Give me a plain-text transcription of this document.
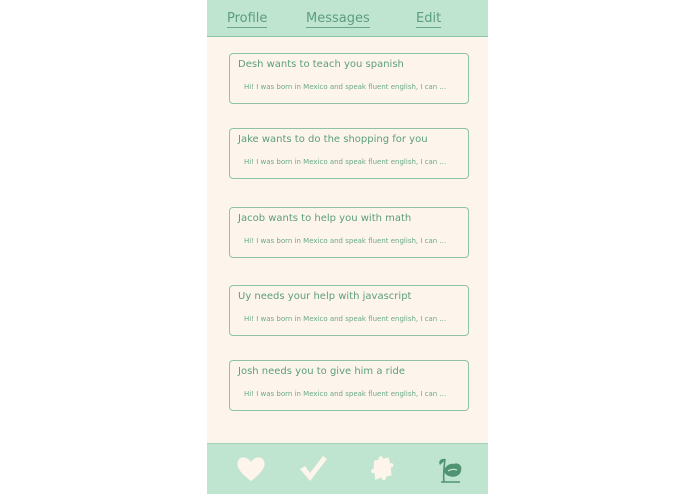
Profile	Messages	Edit
Desh wants to teach you spanish
Hi! I was born in Mexico and speak fluent english, I can ...
Jake wants to do the shopping for you
Hi! I was born in Mexico and speak fluent english, I can ...
Jacob wants to help you with math
Hi! I was born in Mexico and speak fluent english, I can ...
Uy needs your help with javascript
Hi! I was born in Mexico and speak fluent english, I can ...
Josh needs you to give him a ride
Hi! I was born in Mexico and speak fluent english, I can ...
